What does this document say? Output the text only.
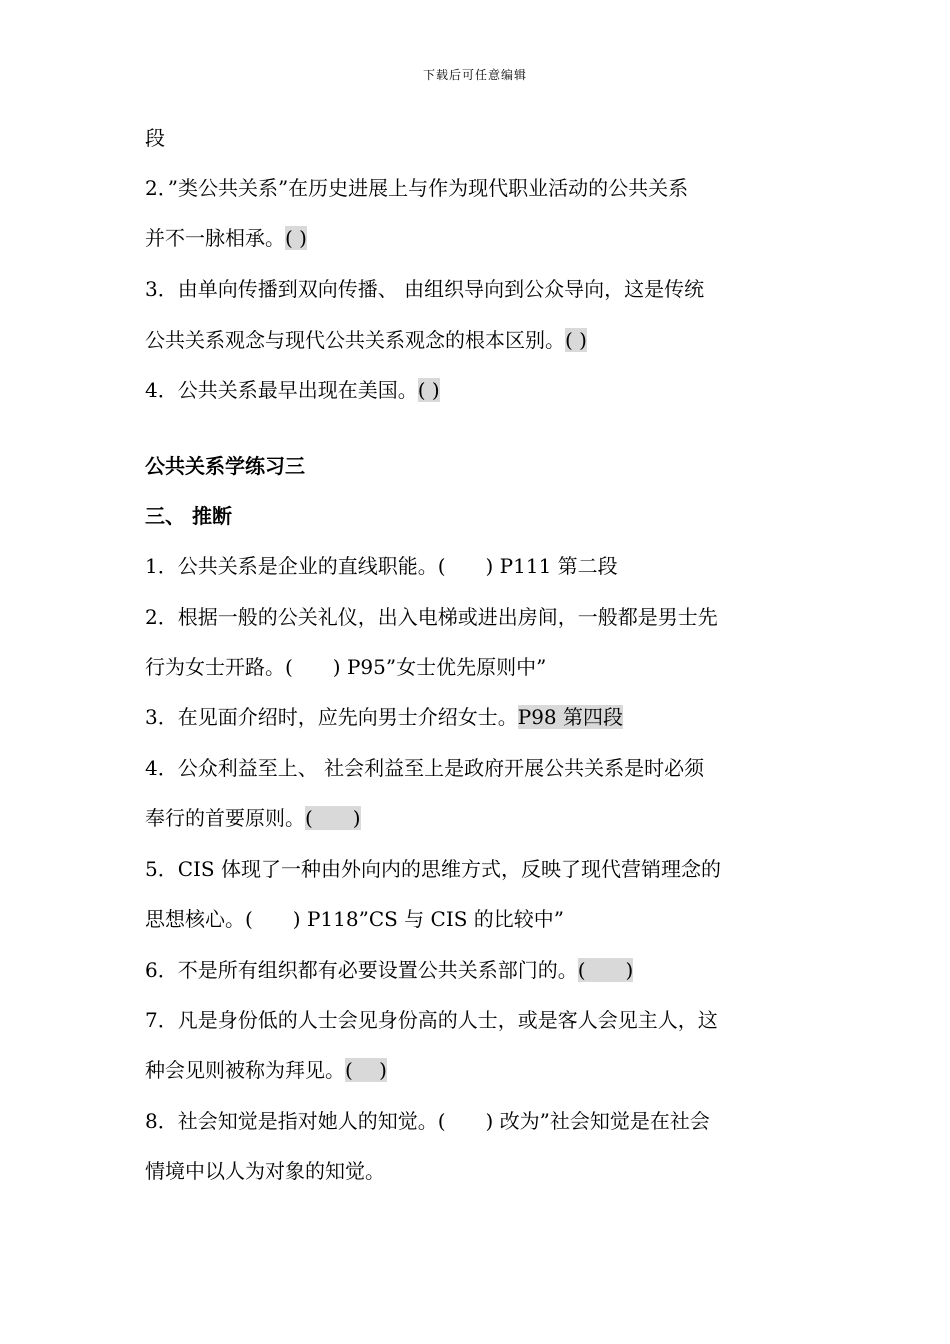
下载后可任意编辑
段
2．”类公共关系”在历史进展上与作为现代职业活动的公共关系
并不一脉相承。( )
3．由单向传播到双向传播、 由组织导向到公众导向，这是传统
公共关系观念与现代公共关系观念的根本区别。( )
4．公共关系最早出现在美国。( )
公共关系学练习三
三、 推断
1．公共关系是企业的直线职能。(　　) P111 第二段
2．根据一般的公关礼仪，出入电梯或进出房间，一般都是男士先
行为女士开路。(　　) P95”女士优先原则中”
3．在见面介绍时，应先向男士介绍女士。P98 第四段
4．公众利益至上、 社会利益至上是政府开展公共关系是时必须
奉行的首要原则。(　　)
5．CIS 体现了一种由外向内的思维方式，反映了现代营销理念的
思想核心。(　　) P118”CS 与 CIS 的比较中”
6．不是所有组织都有必要设置公共关系部门的。(　　)
7．凡是身份低的人士会见身份高的人士，或是客人会见主人，这
种会见则被称为拜见。(　 )
8．社会知觉是指对她人的知觉。(　　) 改为”社会知觉是在社会
情境中以人为对象的知觉。
